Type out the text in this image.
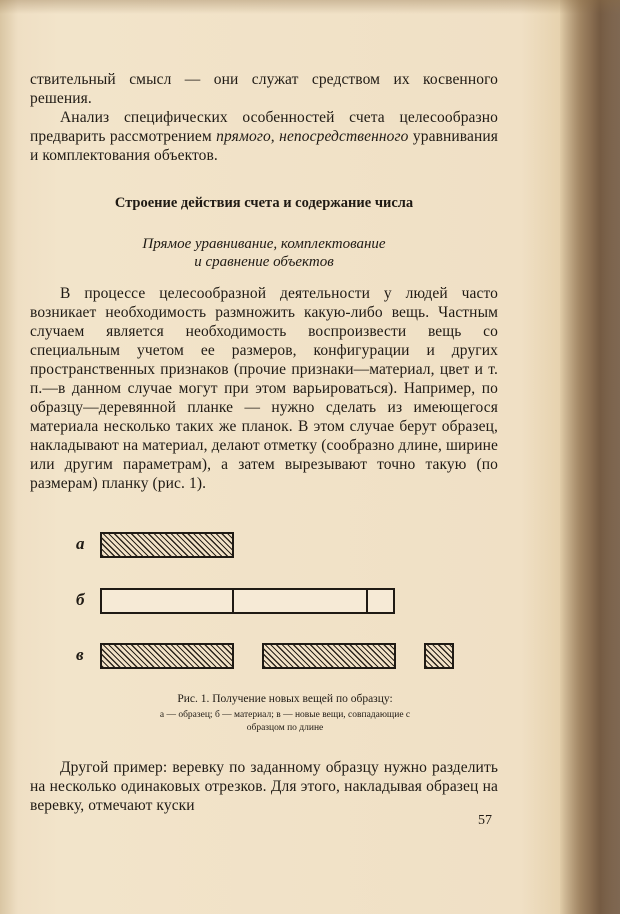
ствительный смысл — они служат средством их косвенного решения.
Анализ специфических особенностей счета целесообразно предварить рассмотрением прямого, непосредственного уравнивания и комплектования объектов.
Строение действия счета и содержание числа
Прямое уравнивание, комплектование
и сравнение объектов
В процессе целесообразной деятельности у людей часто возникает необходимость размножить какую-либо вещь. Частным случаем является необходимость воспроизвести вещь со специальным учетом ее размеров, конфигурации и других пространственных признаков (прочие признаки—материал, цвет и т. п.—в данном случае могут при этом варьироваться). Например, по образцу—деревянной планке — нужно сделать из имеющегося материала несколько таких же планок. В этом случае берут образец, накладывают на материал, делают отметку (сообразно длине, ширине или другим параметрам), а затем вырезывают точно такую (по размерам) планку (рис. 1).
а
б
в
Рис. 1. Получение новых вещей по образцу:
а — образец; б — материал; в — новые вещи, совпадающие с
образцом по длине
Другой пример: веревку по заданному образцу нужно разделить на несколько одинаковых отрезков. Для этого, накладывая образец на веревку, отмечают куски
57
